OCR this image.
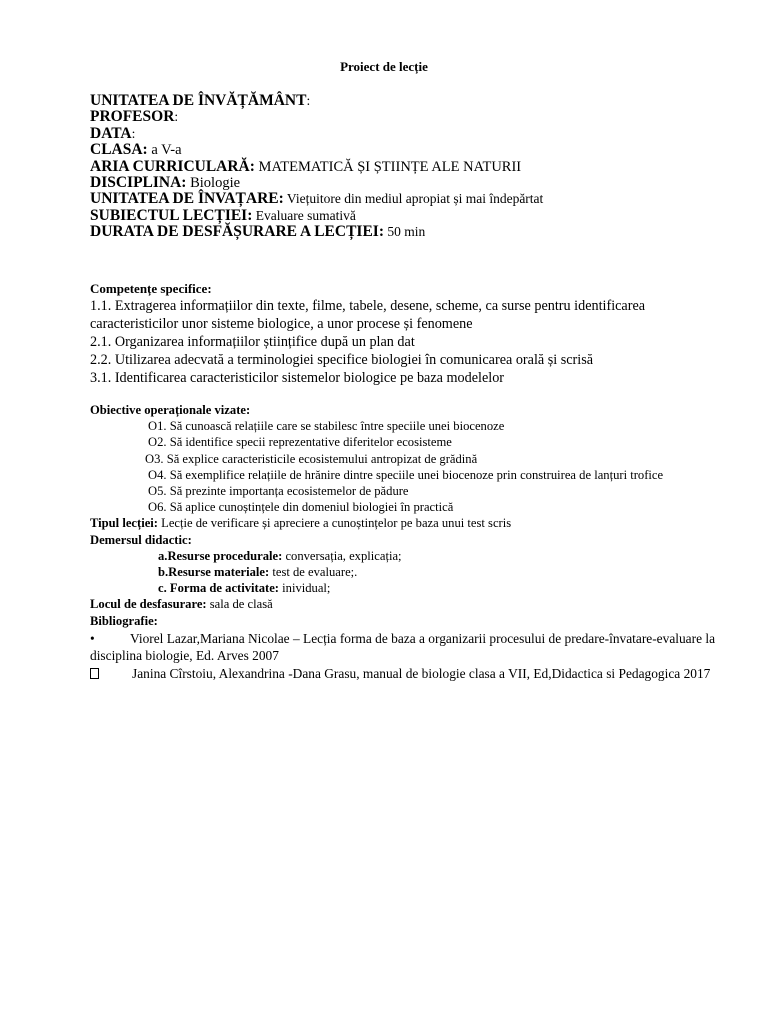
Proiect de lecție
UNITATEA DE ÎNVĂȚĂMÂNT:
PROFESOR:
DATA:
CLASA: a V-a
ARIA CURRICULARĂ: MATEMATICĂ ȘI ȘTIINȚE ALE NATURII
DISCIPLINA: Biologie
UNITATEA DE ÎNVAȚARE: Viețuitore din mediul apropiat și mai îndepărtat
SUBIECTUL LECȚIEI: Evaluare sumativă
DURATA DE DESFĂȘURARE A LECȚIEI: 50 min
Competențe specifice:
1.1. Extragerea informațiilor din texte, filme, tabele, desene, scheme, ca surse pentru identificarea
caracteristicilor unor sisteme biologice, a unor procese și fenomene
2.1. Organizarea informațiilor științifice după un plan dat
2.2. Utilizarea adecvată a terminologiei specifice biologiei în comunicarea orală și scrisă
3.1. Identificarea caracteristicilor sistemelor biologice pe baza modelelor
Obiective operaționale vizate:
O1. Să cunoască relațiile care se stabilesc între speciile unei biocenoze
O2. Să identifice specii reprezentative diferitelor ecosisteme
O3. Să explice caracteristicile ecosistemului antropizat de grădină
O4. Să exemplifice relațiile de hrănire dintre speciile unei biocenoze prin construirea de lanțuri trofice
O5. Să prezinte importanța ecosistemelor de pădure
O6. Să aplice cunoștințele din domeniul biologiei în practică
Tipul lecției: Lecție de verificare și apreciere a cunoștințelor pe baza unui test scris
Demersul didactic:
a.Resurse procedurale: conversația, explicația;
b.Resurse materiale: test de evaluare;.
c. Forma de activitate: inividual;
Locul de desfasurare: sala de clasă
Bibliografie:
•	Viorel Lazar,Mariana Nicolae – Lecția forma de baza a organizarii procesului de predare-învatare-evaluare la disciplina biologie, Ed. Arves 2007
Janina Cîrstoiu, Alexandrina -Dana Grasu, manual de biologie clasa a VII, Ed,Didactica si Pedagogica 2017
